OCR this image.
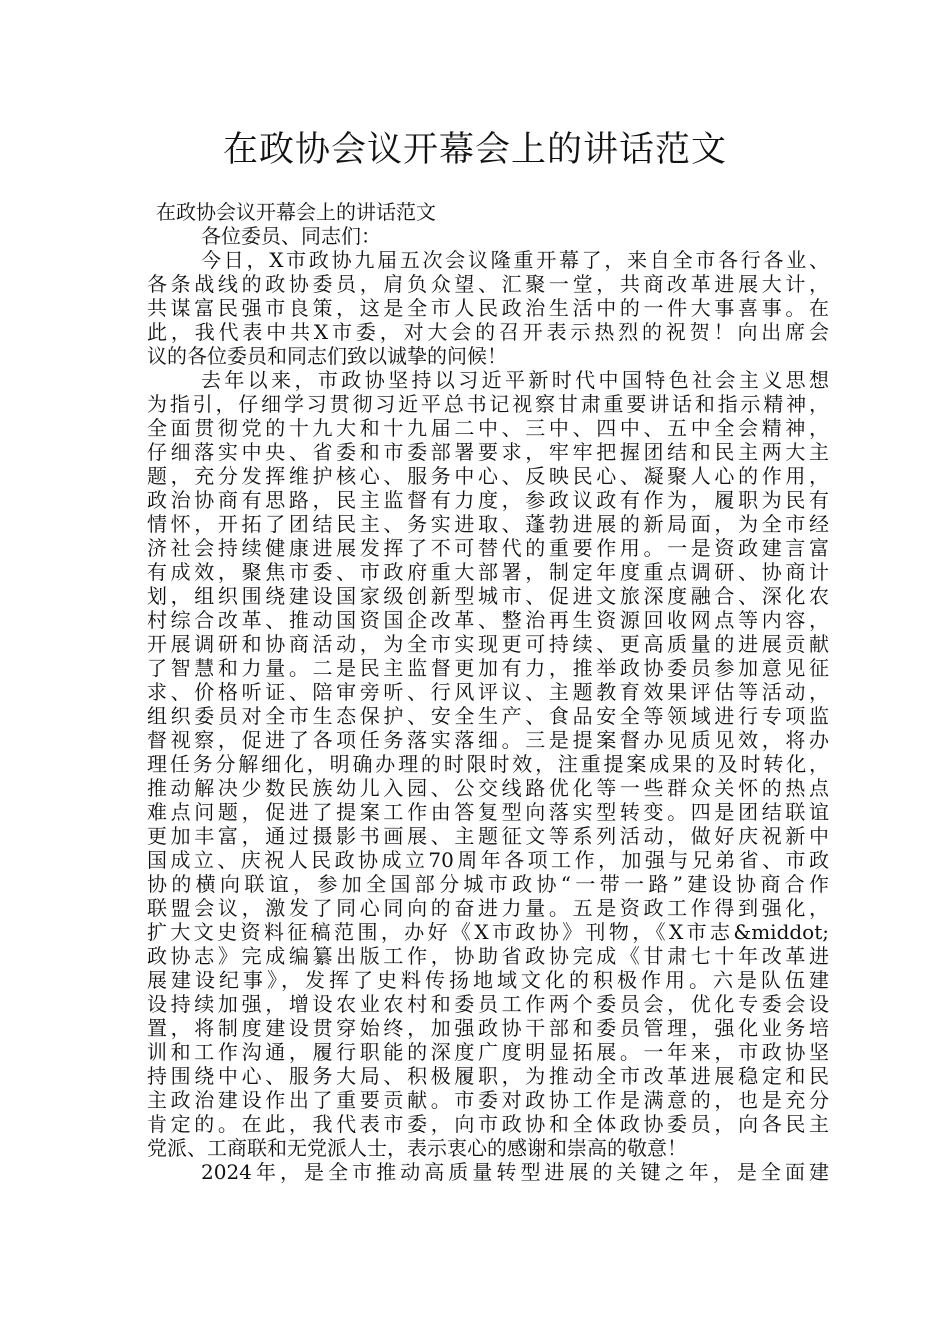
在政协会议开幕会上的讲话范文

在政协会议开幕会上的讲话范文

各位委员、同志们：
今日，X市政协九届五次会议隆重开幕了，来自全市各行各业、
各条战线的政协委员，肩负众望、汇聚一堂，共商改革进展大计，
共谋富民强市良策，这是全市人民政治生活中的一件大事喜事。在
此，我代表中共X市委，对大会的召开表示热烈的祝贺！向出席会
议的各位委员和同志们致以诚挚的问候！
去年以来，市政协坚持以习近平新时代中国特色社会主义思想
为指引，仔细学习贯彻习近平总书记视察甘肃重要讲话和指示精神，
全面贯彻党的十九大和十九届二中、三中、四中、五中全会精神，
仔细落实中央、省委和市委部署要求，牢牢把握团结和民主两大主
题，充分发挥维护核心、服务中心、反映民心、凝聚人心的作用，
政治协商有思路，民主监督有力度，参政议政有作为，履职为民有
情怀，开拓了团结民主、务实进取、蓬勃进展的新局面，为全市经
济社会持续健康进展发挥了不可替代的重要作用。一是资政建言富
有成效，聚焦市委、市政府重大部署，制定年度重点调研、协商计
划，组织围绕建设国家级创新型城市、促进文旅深度融合、深化农
村综合改革、推动国资国企改革、整治再生资源回收网点等内容，
开展调研和协商活动，为全市实现更可持续、更高质量的进展贡献
了智慧和力量。二是民主监督更加有力，推举政协委员参加意见征
求、价格听证、陪审旁听、行风评议、主题教育效果评估等活动，
组织委员对全市生态保护、安全生产、食品安全等领域进行专项监
督视察，促进了各项任务落实落细。三是提案督办见质见效，将办
理任务分解细化，明确办理的时限时效，注重提案成果的及时转化，
推动解决少数民族幼儿入园、公交线路优化等一些群众关怀的热点
难点问题，促进了提案工作由答复型向落实型转变。四是团结联谊
更加丰富，通过摄影书画展、主题征文等系列活动，做好庆祝新中
国成立、庆祝人民政协成立70周年各项工作，加强与兄弟省、市政
协的横向联谊，参加全国部分城市政协“一带一路”建设协商合作
联盟会议，激发了同心同向的奋进力量。五是资政工作得到强化，
扩大文史资料征稿范围，办好《X市政协》刊物，《X市志&middot;
政协志》完成编纂出版工作，协助省政协完成《甘肃七十年改革进
展建设纪事》，发挥了史料传扬地域文化的积极作用。六是队伍建
设持续加强，增设农业农村和委员工作两个委员会，优化专委会设
置，将制度建设贯穿始终，加强政协干部和委员管理，强化业务培
训和工作沟通，履行职能的深度广度明显拓展。一年来，市政协坚
持围绕中心、服务大局、积极履职，为推动全市改革进展稳定和民
主政治建设作出了重要贡献。市委对政协工作是满意的，也是充分
肯定的。在此，我代表市委，向市政协和全体政协委员，向各民主
党派、工商联和无党派人士，表示衷心的感谢和崇高的敬意！
2024年，是全市推动高质量转型进展的关键之年，是全面建
